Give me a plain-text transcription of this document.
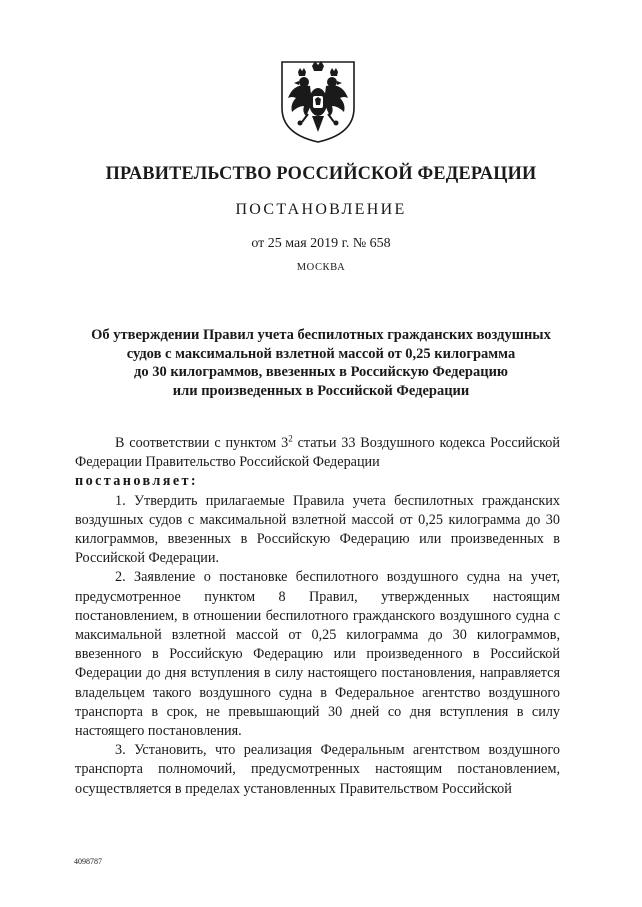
ПРАВИТЕЛЬСТВО РОССИЙСКОЙ ФЕДЕРАЦИИ
ПОСТАНОВЛЕНИЕ
от 25 мая 2019 г. № 658
МОСКВА
Об утверждении Правил учета беспилотных гражданских воздушных
судов с максимальной взлетной массой от 0,25 килограмма
до 30 килограммов, ввезенных в Российскую Федерацию
или произведенных в Российской Федерации

В соответствии с пунктом $3^2$ статьи 33 Воздушного кодекса Российской Федерации Правительство Российской Федерации

постановляет:

1. Утвердить прилагаемые Правила учета беспилотных гражданских воздушных судов с максимальной взлетной массой от 0,25 килограмма до 30 килограммов, ввезенных в Российскую Федерацию или произведенных в Российской Федерации.

2. Заявление о постановке беспилотного воздушного судна на учет, предусмотренное пунктом 8 Правил, утвержденных настоящим постановлением, в отношении беспилотного гражданского воздушного судна с максимальной взлетной массой от 0,25 килограмма до 30 килограммов, ввезенного в Российскую Федерацию или произведенного в Российской Федерации до дня вступления в силу настоящего постановления, направляется владельцем такого воздушного судна в Федеральное агентство воздушного транспорта в срок, не превышающий 30 дней со дня вступления в силу настоящего постановления.

3. Установить, что реализация Федеральным агентством воздушного транспорта полномочий, предусмотренных настоящим постановлением, осуществляется в пределах установленных Правительством Российской

4098787
